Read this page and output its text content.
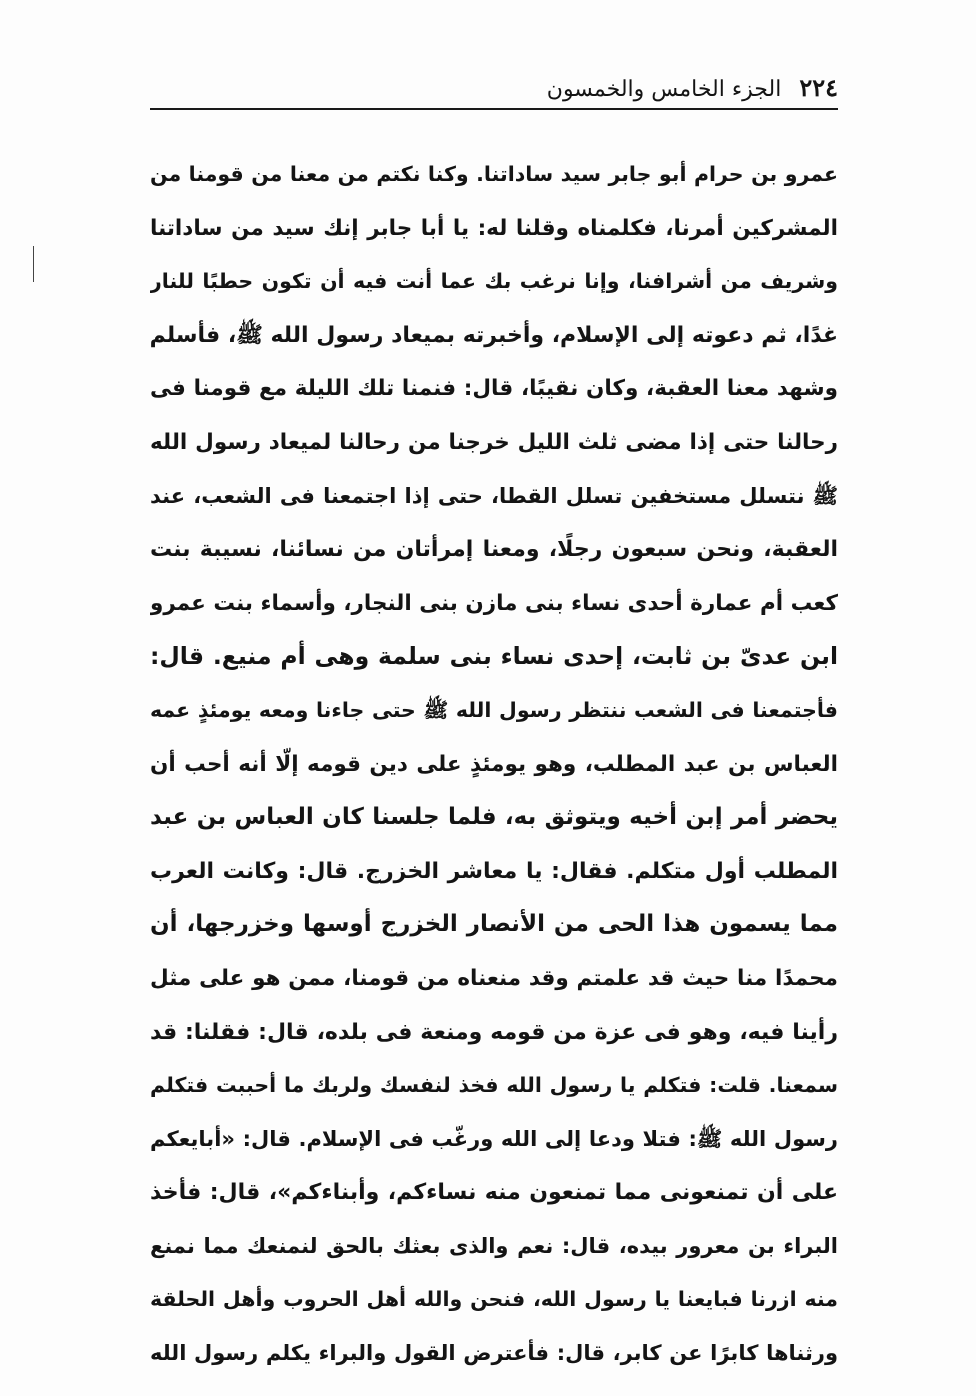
٢٢٤
الجزء الخامس والخمسون
عمرو بن حرام أبو جابر سيد ساداتنا. وكنا نكتم من معنا من قومنا من
المشركين أمرنا، فكلمناه وقلنا له: يا أبا جابر إنك سيد من ساداتنا
وشريف من أشرافنا، وإنا نرغب بك عما أنت فيه أن تكون حطبًا للنار
غدًا، ثم دعوته إلى الإسلام، وأخبرته بميعاد رسول الله ﷺ، فأسلم
وشهد معنا العقبة، وكان نقيبًا، قال: فنمنا تلك الليلة مع قومنا فى
رحالنا حتى إذا مضى ثلث الليل خرجنا من رحالنا لميعاد رسول الله
ﷺ نتسلل مستخفين تسلل القطا، حتى إذا اجتمعنا فى الشعب، عند
العقبة، ونحن سبعون رجلًا، ومعنا إمرأتان من نسائنا، نسيبة بنت
كعب أم عمارة أحدى نساء بنى مازن بنى النجار، وأسماء بنت عمرو
ابن عدىّ بن ثابت، إحدى نساء بنى سلمة وهى أم منيع. قال:
فأجتمعنا فى الشعب ننتظر رسول الله ﷺ حتى جاءنا ومعه يومئذٍ عمه
العباس بن عبد المطلب، وهو يومئذٍ على دين قومه إلّا أنه أحب أن
يحضر أمر إبن أخيه ويتوثق به، فلما جلسنا كان العباس بن عبد
المطلب أول متكلم. فقال: يا معاشر الخزرج. قال: وكانت العرب
مما يسمون هذا الحى من الأنصار الخزرج أوسها وخزرجها، أن
محمدًا منا حيث قد علمتم وقد منعناه من قومنا، ممن هو على مثل
رأينا فيه، وهو فى عزة من قومه ومنعة فى بلده، قال: فقلنا: قد
سمعنا. قلت: فتكلم يا رسول الله فخذ لنفسك ولربك ما أحببت فتكلم
رسول الله ﷺ: فتلا ودعا إلى الله ورغّب فى الإسلام. قال: «أبايعكم
على أن تمنعونى مما تمنعون منه نساءكم، وأبناءكم»، قال: فأخذ
البراء بن معرور بيده، قال: نعم والذى بعثك بالحق لنمنعك مما نمنع
منه ازرنا فبايعنا يا رسول الله، فنحن والله أهل الحروب وأهل الحلقة
ورثناها كابرًا عن كابر، قال: فأعترض القول والبراء يكلم رسول الله
